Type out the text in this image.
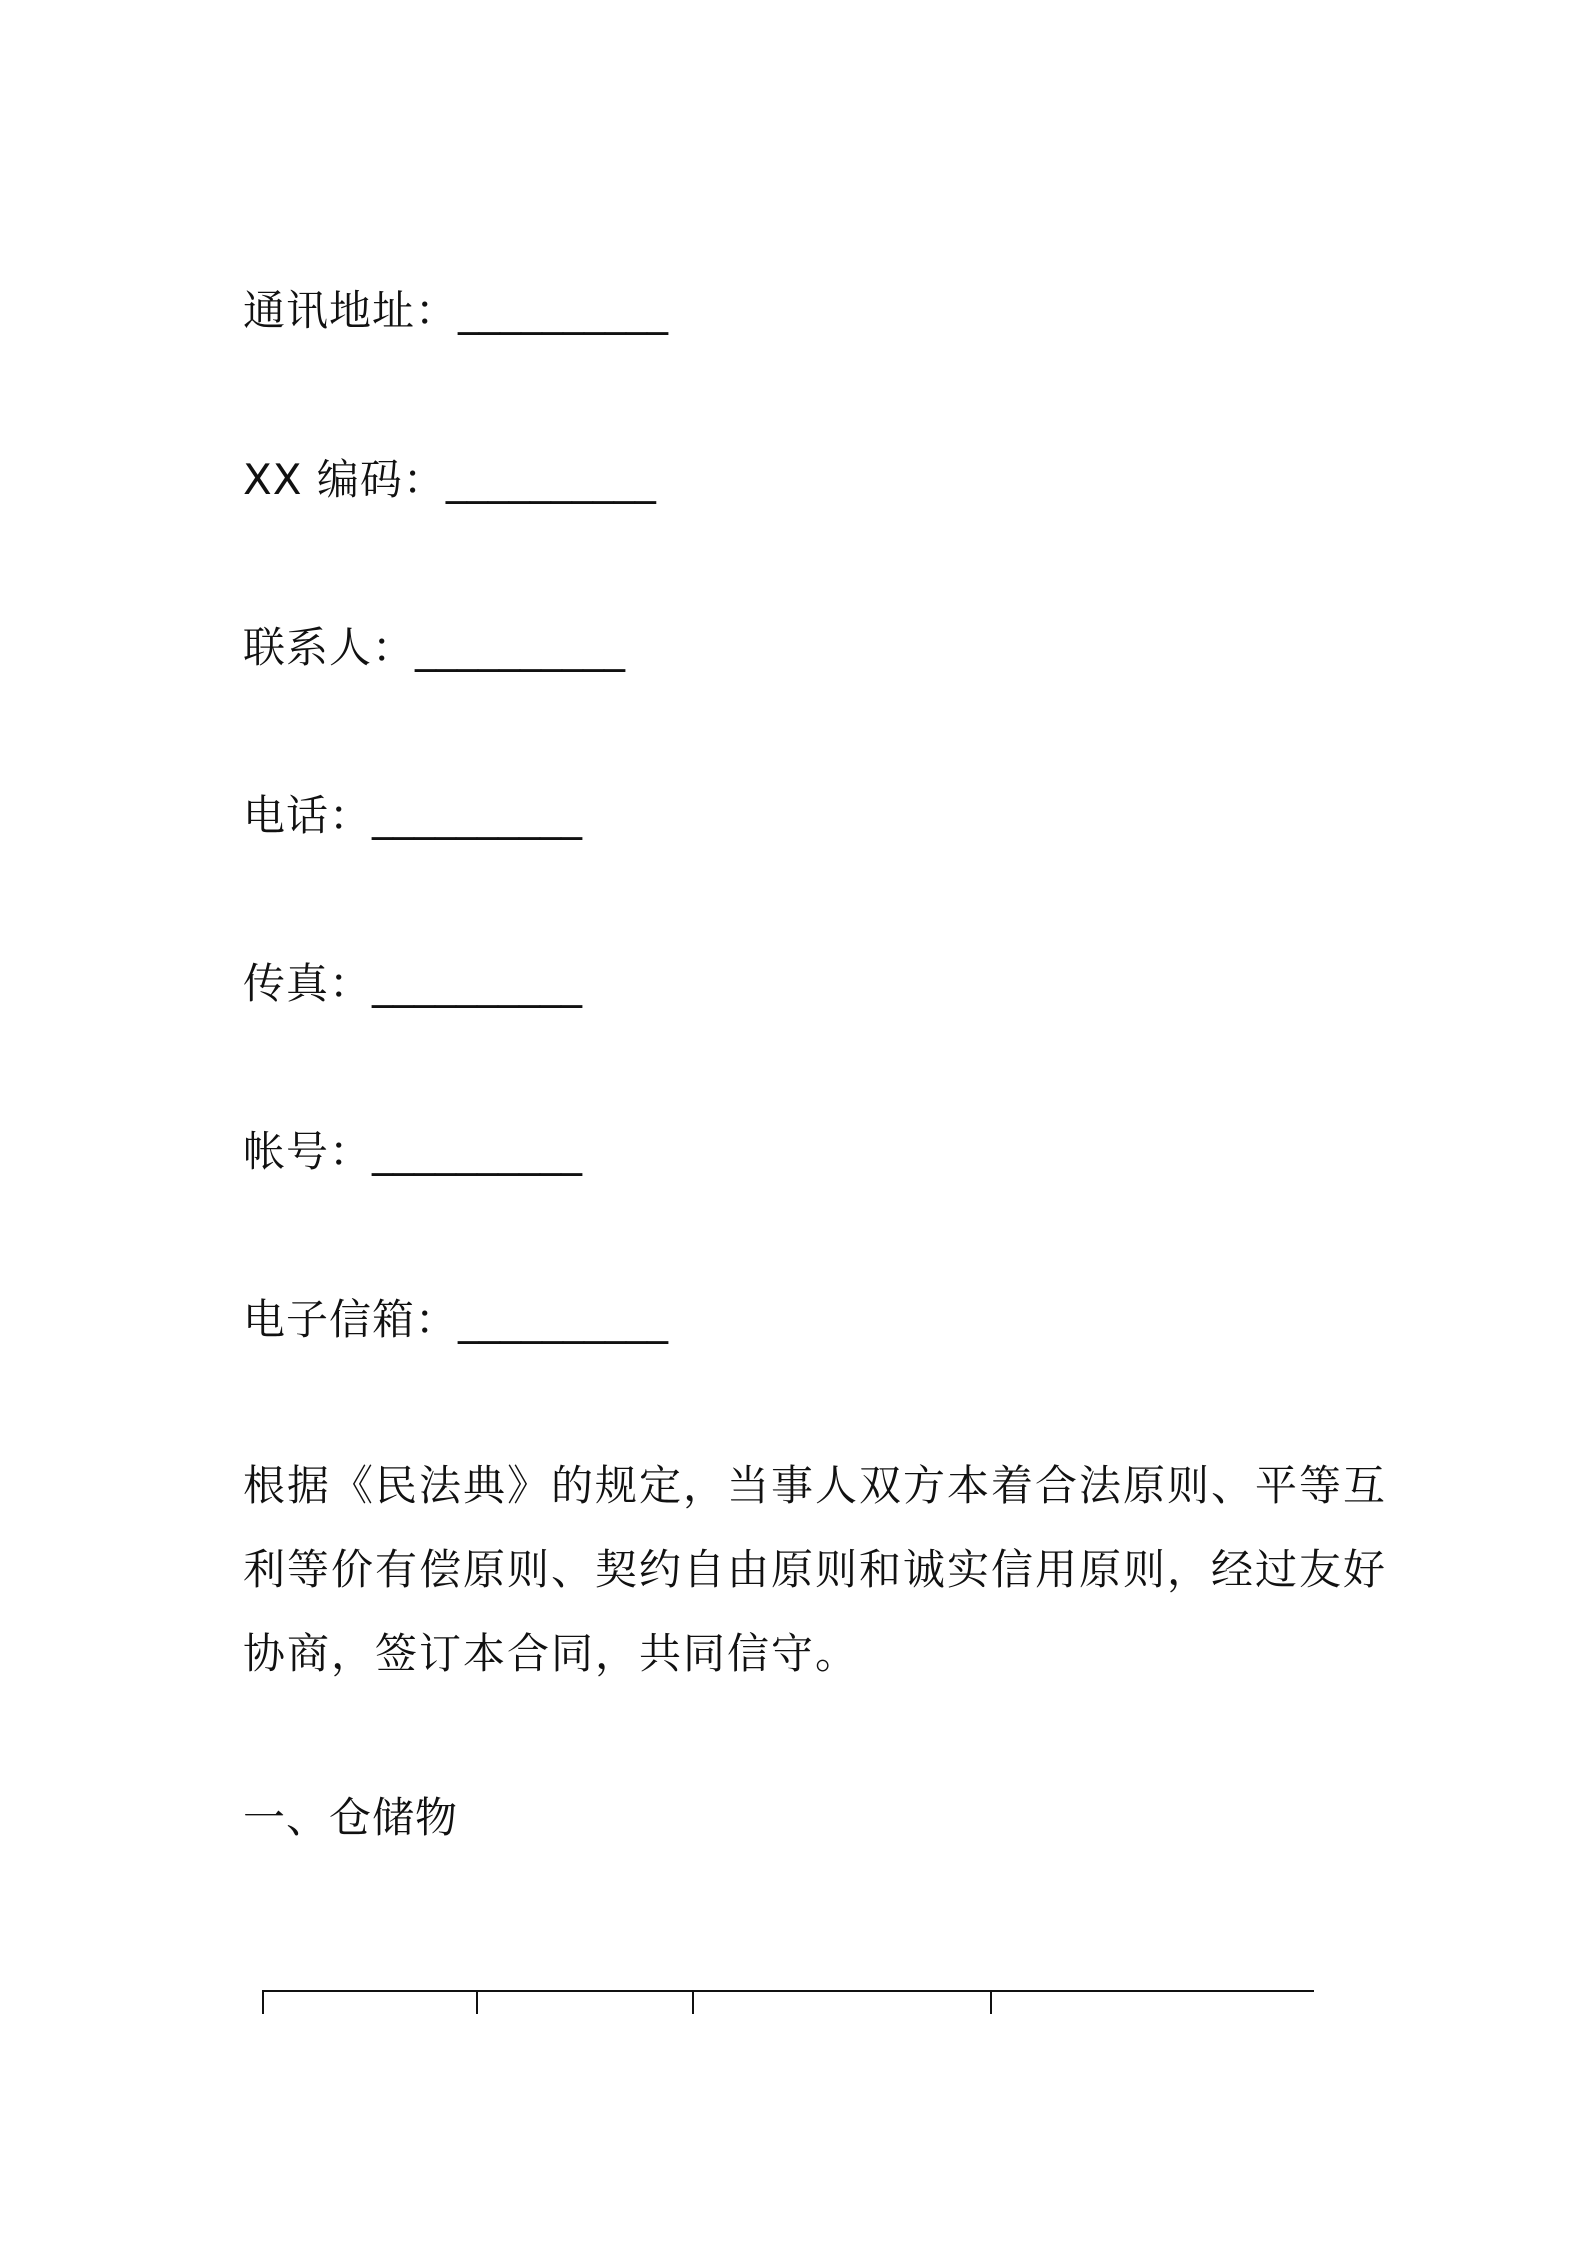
通讯地址：__________
XX 编码：__________
联系人：__________
电话：__________
传真：__________
帐号：__________
电子信箱：__________
根据《民法典》的规定，当事人双方本着合法原则、平等互
利等价有偿原则、契约自由原则和诚实信用原则，经过友好
协商，签订本合同，共同信守。
一、仓储物
